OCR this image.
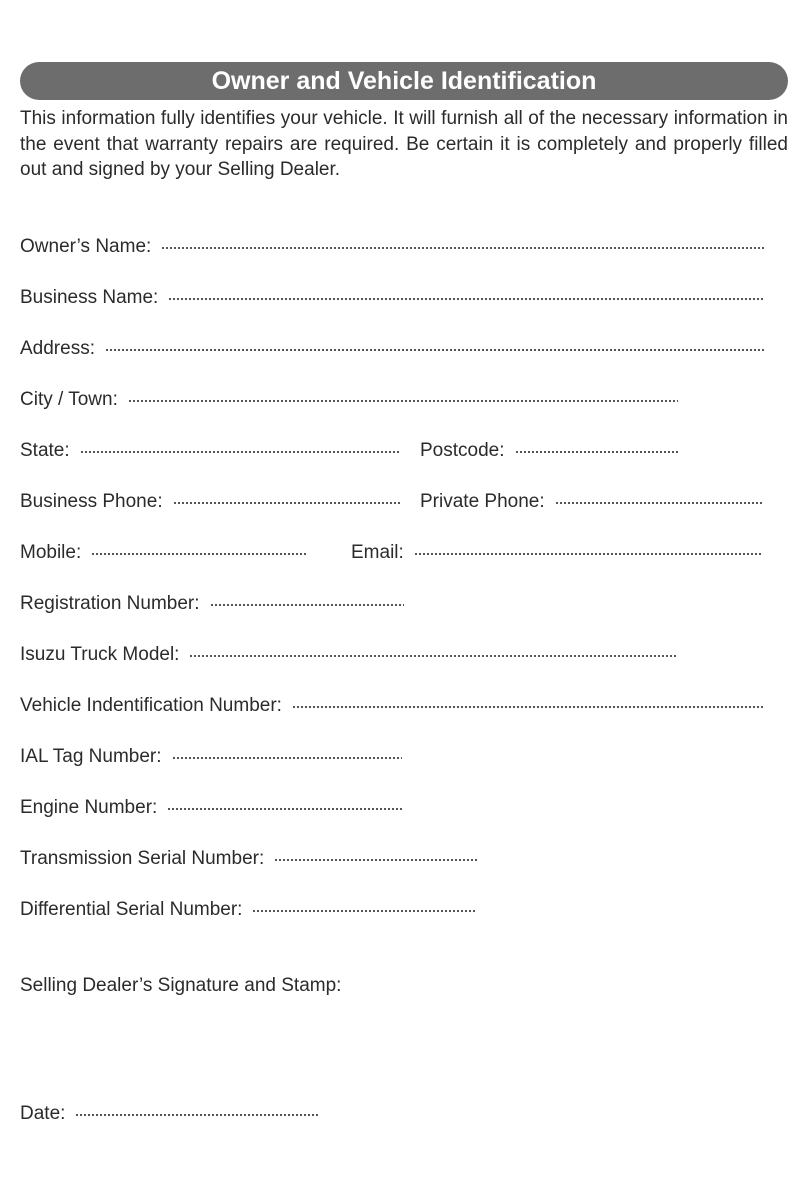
Owner and Vehicle Identification
This information fully identifies your vehicle. It will furnish all of the necessary information in the event that warranty repairs are required. Be certain it is completely and properly filled out and signed by your Selling Dealer.
Owner’s Name:
Business Name:
Address:
City / Town:
State:	Postcode:
Business Phone:	Private Phone:
Mobile:	Email:
Registration Number:
Isuzu Truck Model:
Vehicle Indentification Number:
IAL Tag Number:
Engine Number:
Transmission Serial Number:
Differential Serial Number:
Selling Dealer’s Signature and Stamp:
Date:
